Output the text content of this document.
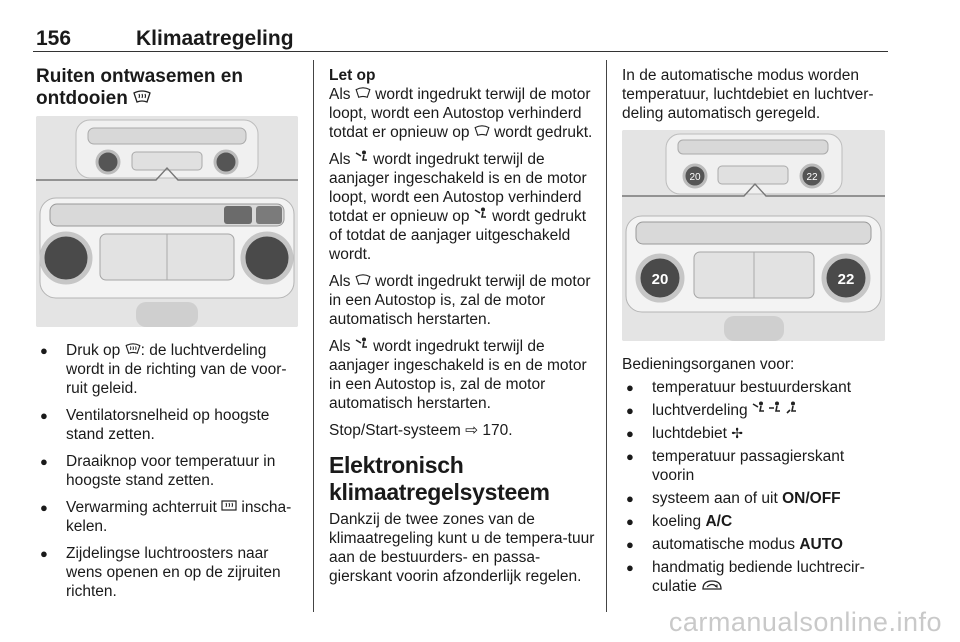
156	Klimaatregeling
Ruiten ontwasemen en
ontdooien
● Druk op : de luchtverdeling wordt in de richting van de voor-ruit geleid.
● Ventilatorsnelheid op hoogste stand zetten.
● Draaiknop voor temperatuur in hoogste stand zetten.
● Verwarming achterruit  inscha-kelen.
● Zijdelingse luchtroosters naar wens openen en op de zijruiten richten.
Let op

Als  wordt ingedrukt terwijl de motor loopt, wordt een Autostop verhinderd totdat er opnieuw op  wordt gedrukt.

Als  wordt ingedrukt terwijl de aanjager ingeschakeld is en de motor loopt, wordt een Autostop verhinderd totdat er opnieuw op  wordt gedrukt of totdat de aanjager uitgeschakeld wordt.

Als  wordt ingedrukt terwijl de motor in een Autostop is, zal de motor automatisch herstarten.

Als  wordt ingedrukt terwijl de aanjager ingeschakeld is en de motor in een Autostop is, zal de motor automatisch herstarten.

Stop/Start-systeem ⇨ 170.

Elektronisch
klimaatregelsysteem

Dankzij de twee zones van de klimaatregeling kunt u de tempera-tuur aan de bestuurders- en passa-gierskant voorin afzonderlijk regelen.

In de automatische modus worden temperatuur, luchtdebiet en luchtver-deling automatisch geregeld.

20	22
20	22

Bedieningsorganen voor:

● temperatuur bestuurderskant
● luchtverdeling
● luchtdebiet ✢
● temperatuur passagierskant voorin
● systeem aan of uit ON/OFF
● koeling A/C
● automatische modus AUTO
● handmatig bediende luchtrecir-culatie
carmanualsonline.info
